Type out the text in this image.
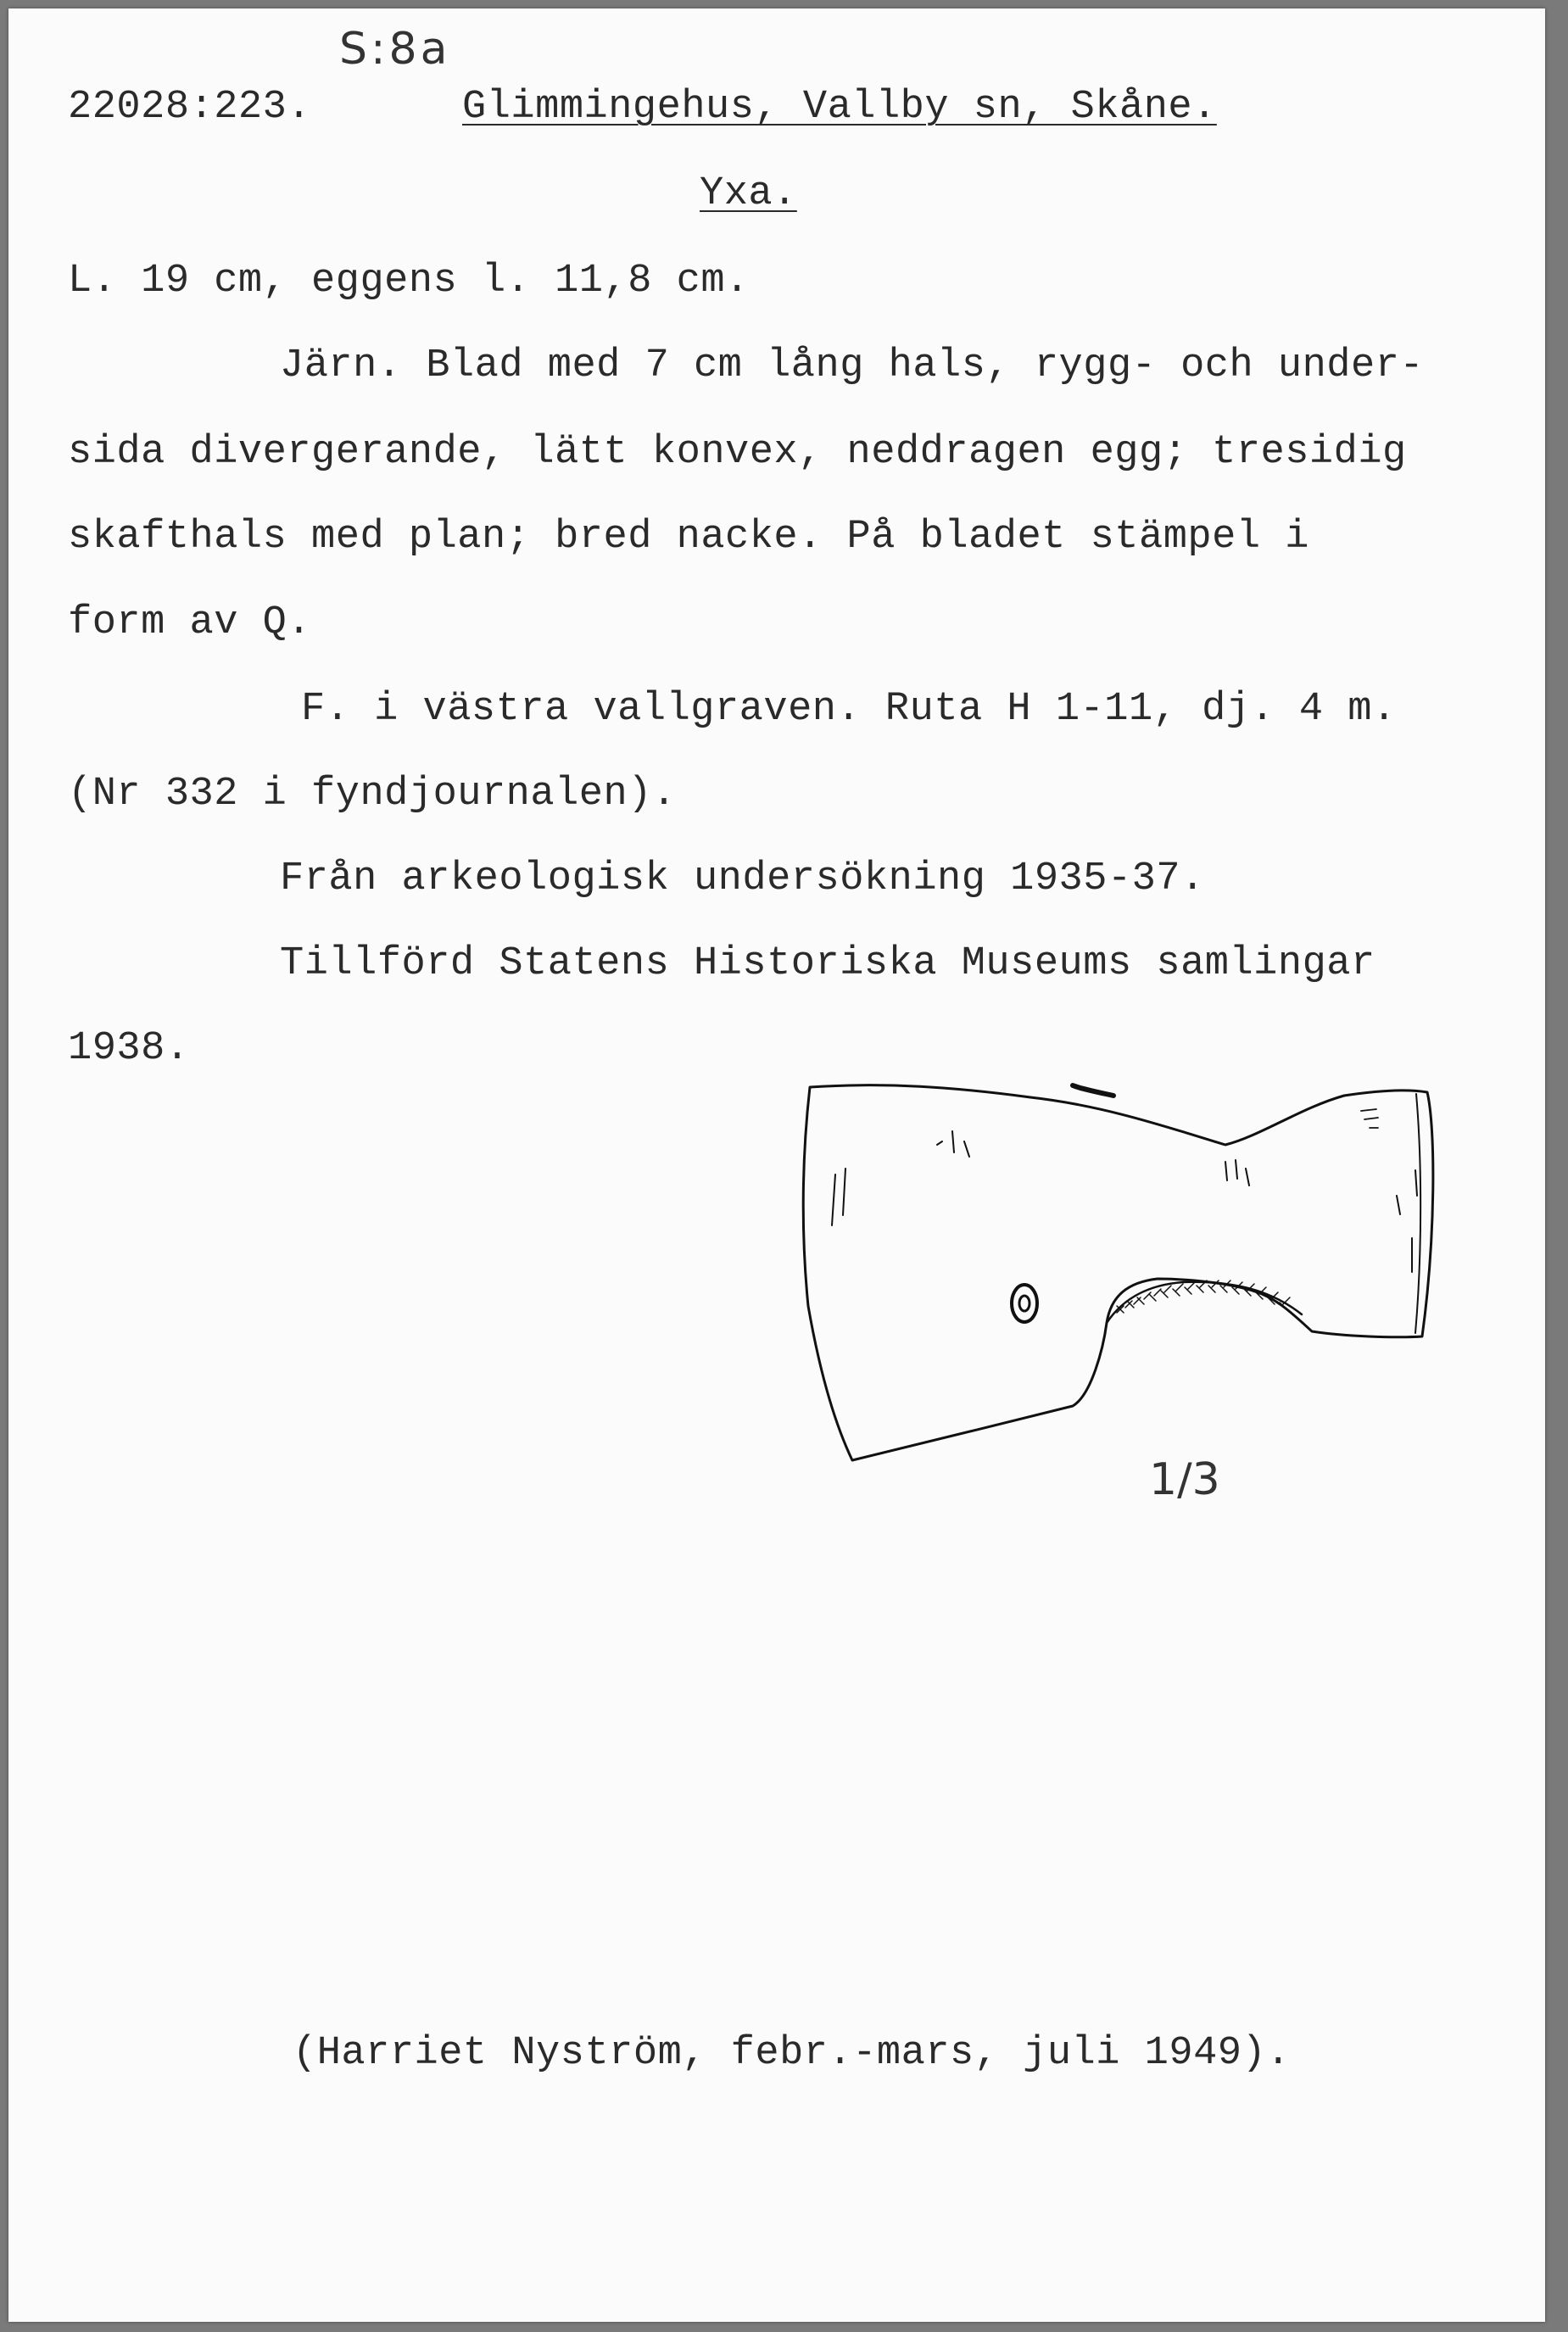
S:8a
22028:223.	Glimmingehus, Vallby sn, Skåne.
Yxa.
L. 19 cm, eggens l. 11,8 cm.
Järn. Blad med 7 cm lång hals, rygg- och under-
sida divergerande, lätt konvex, neddragen egg; tresidig
skafthals med plan; bred nacke. På bladet stämpel i
form av Q.
F. i västra vallgraven. Ruta H 1-11, dj. 4 m.
(Nr 332 i fyndjournalen).
Från arkeologisk undersökning 1935-37.
Tillförd Statens Historiska Museums samlingar
1938.
1/3
(Harriet Nyström, febr.-mars, juli 1949).
